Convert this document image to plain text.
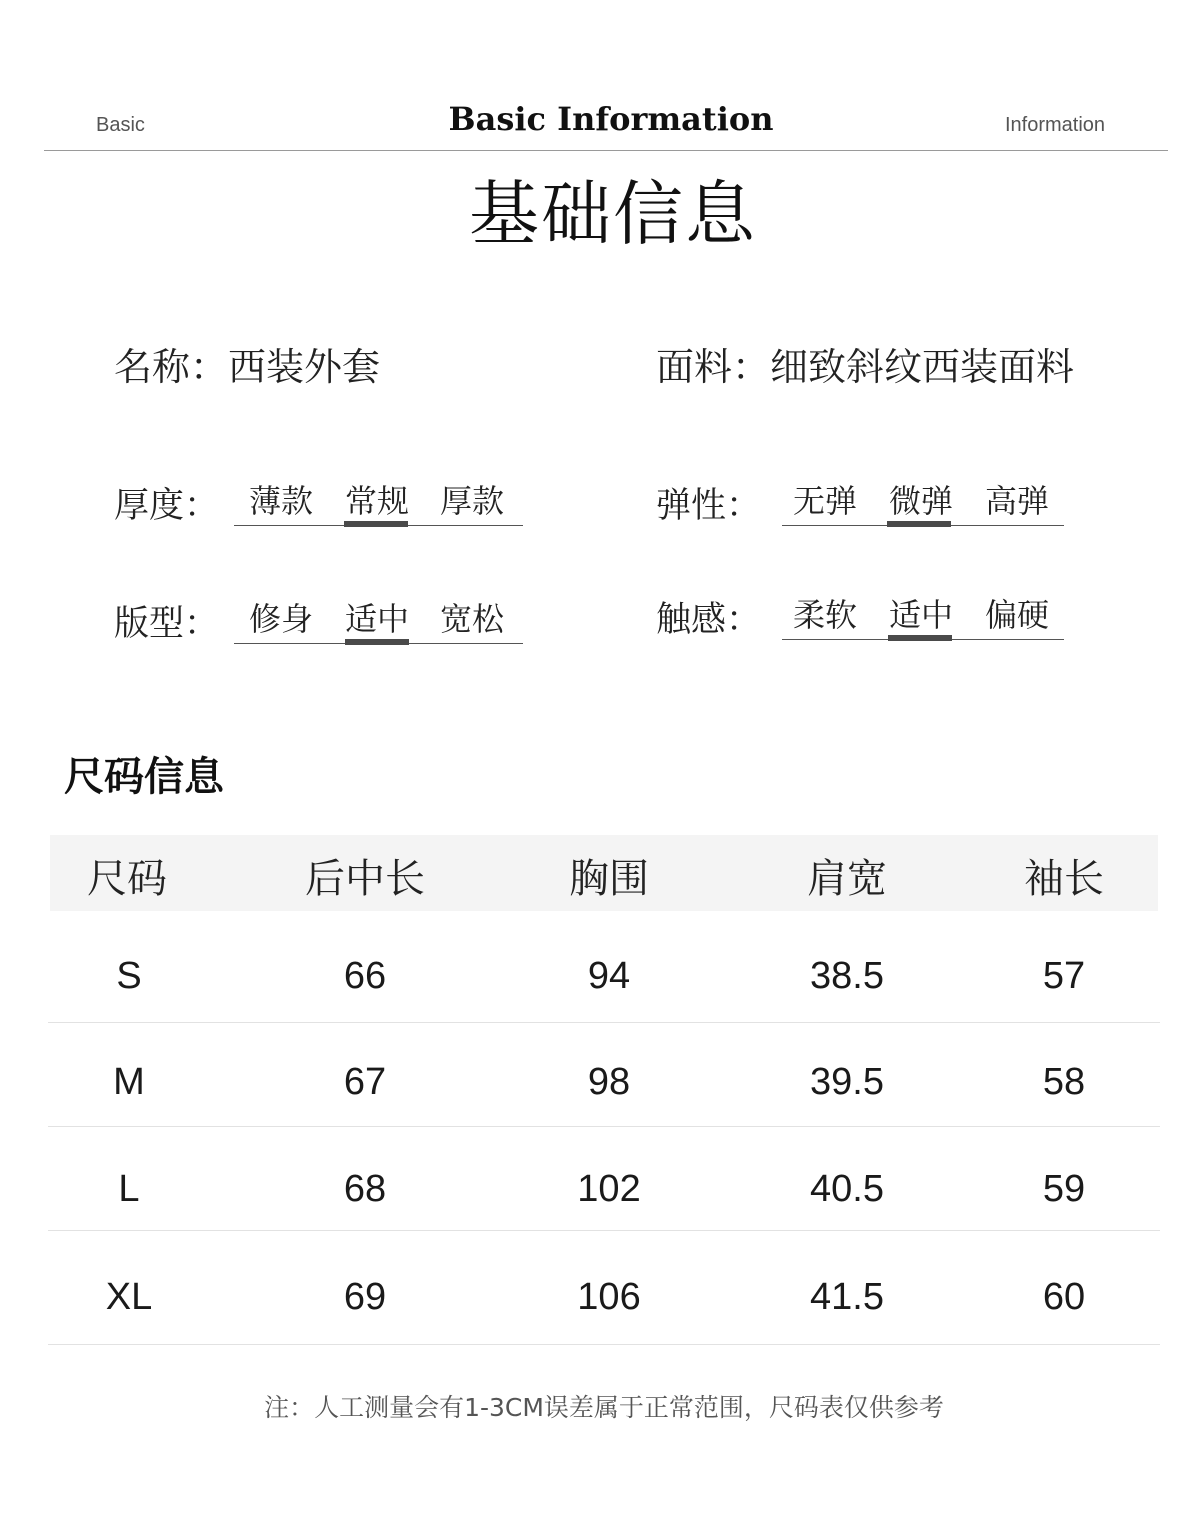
Basic	Basic Information	Information
基础信息
名称：西装外套	面料：细致斜纹西装面料
厚度： 薄款 常规 厚款	弹性： 无弹 微弹 高弹
版型： 修身 适中 宽松	触感： 柔软 适中 偏硬
尺码信息
尺码	后中长	胸围	肩宽	袖长
S	66	94	38.5	57
M	67	98	39.5	58
L	68	102	40.5	59
XL	69	106	41.5	60
注：人工测量会有1-3CM误差属于正常范围，尺码表仅供参考
